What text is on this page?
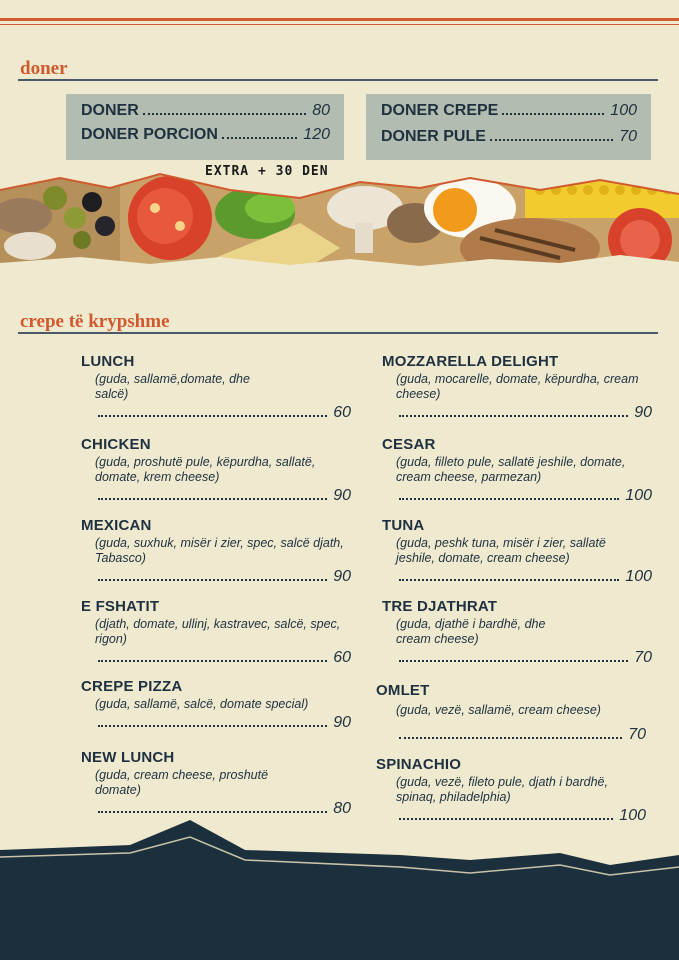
doner
DONER	80
DONER PORCION	120
DONER CREPE	100
DONER PULE	70
EXTRA + 30 DEN
crepe të krypshme
LUNCH
(guda, sallamë,domate, dhe salcë)
60
CHICKEN
(guda, proshutë pule, këpurdha, sallatë, domate, krem cheese)
90
MEXICAN
(guda, suxhuk, misër i zier, spec, salcë djath, Tabasco)
90
E FSHATIT
(djath, domate, ullinj, kastravec, salcë, spec, rigon)
60
CREPE PIZZA
(guda, sallamë, salcë, domate special)
90
NEW LUNCH
(guda, cream cheese, proshutë domate)
80
MOZZARELLA DELIGHT
(guda, mocarelle, domate, këpurdha, cream cheese)
90
CESAR
(guda, filleto pule, sallatë jeshile, domate, cream cheese, parmezan)
100
TUNA
(guda, peshk tuna, misër i zier, sallatë jeshile, domate, cream cheese)
100
TRE DJATHRAT
(guda, djathë i bardhë, dhe cream cheese)
70
OMLET
(guda, vezë, sallamë, cream cheese)
70
SPINACHIO
(guda, vezë, fileto pule, djath i bardhë, spinaq, philadelphia)
100
